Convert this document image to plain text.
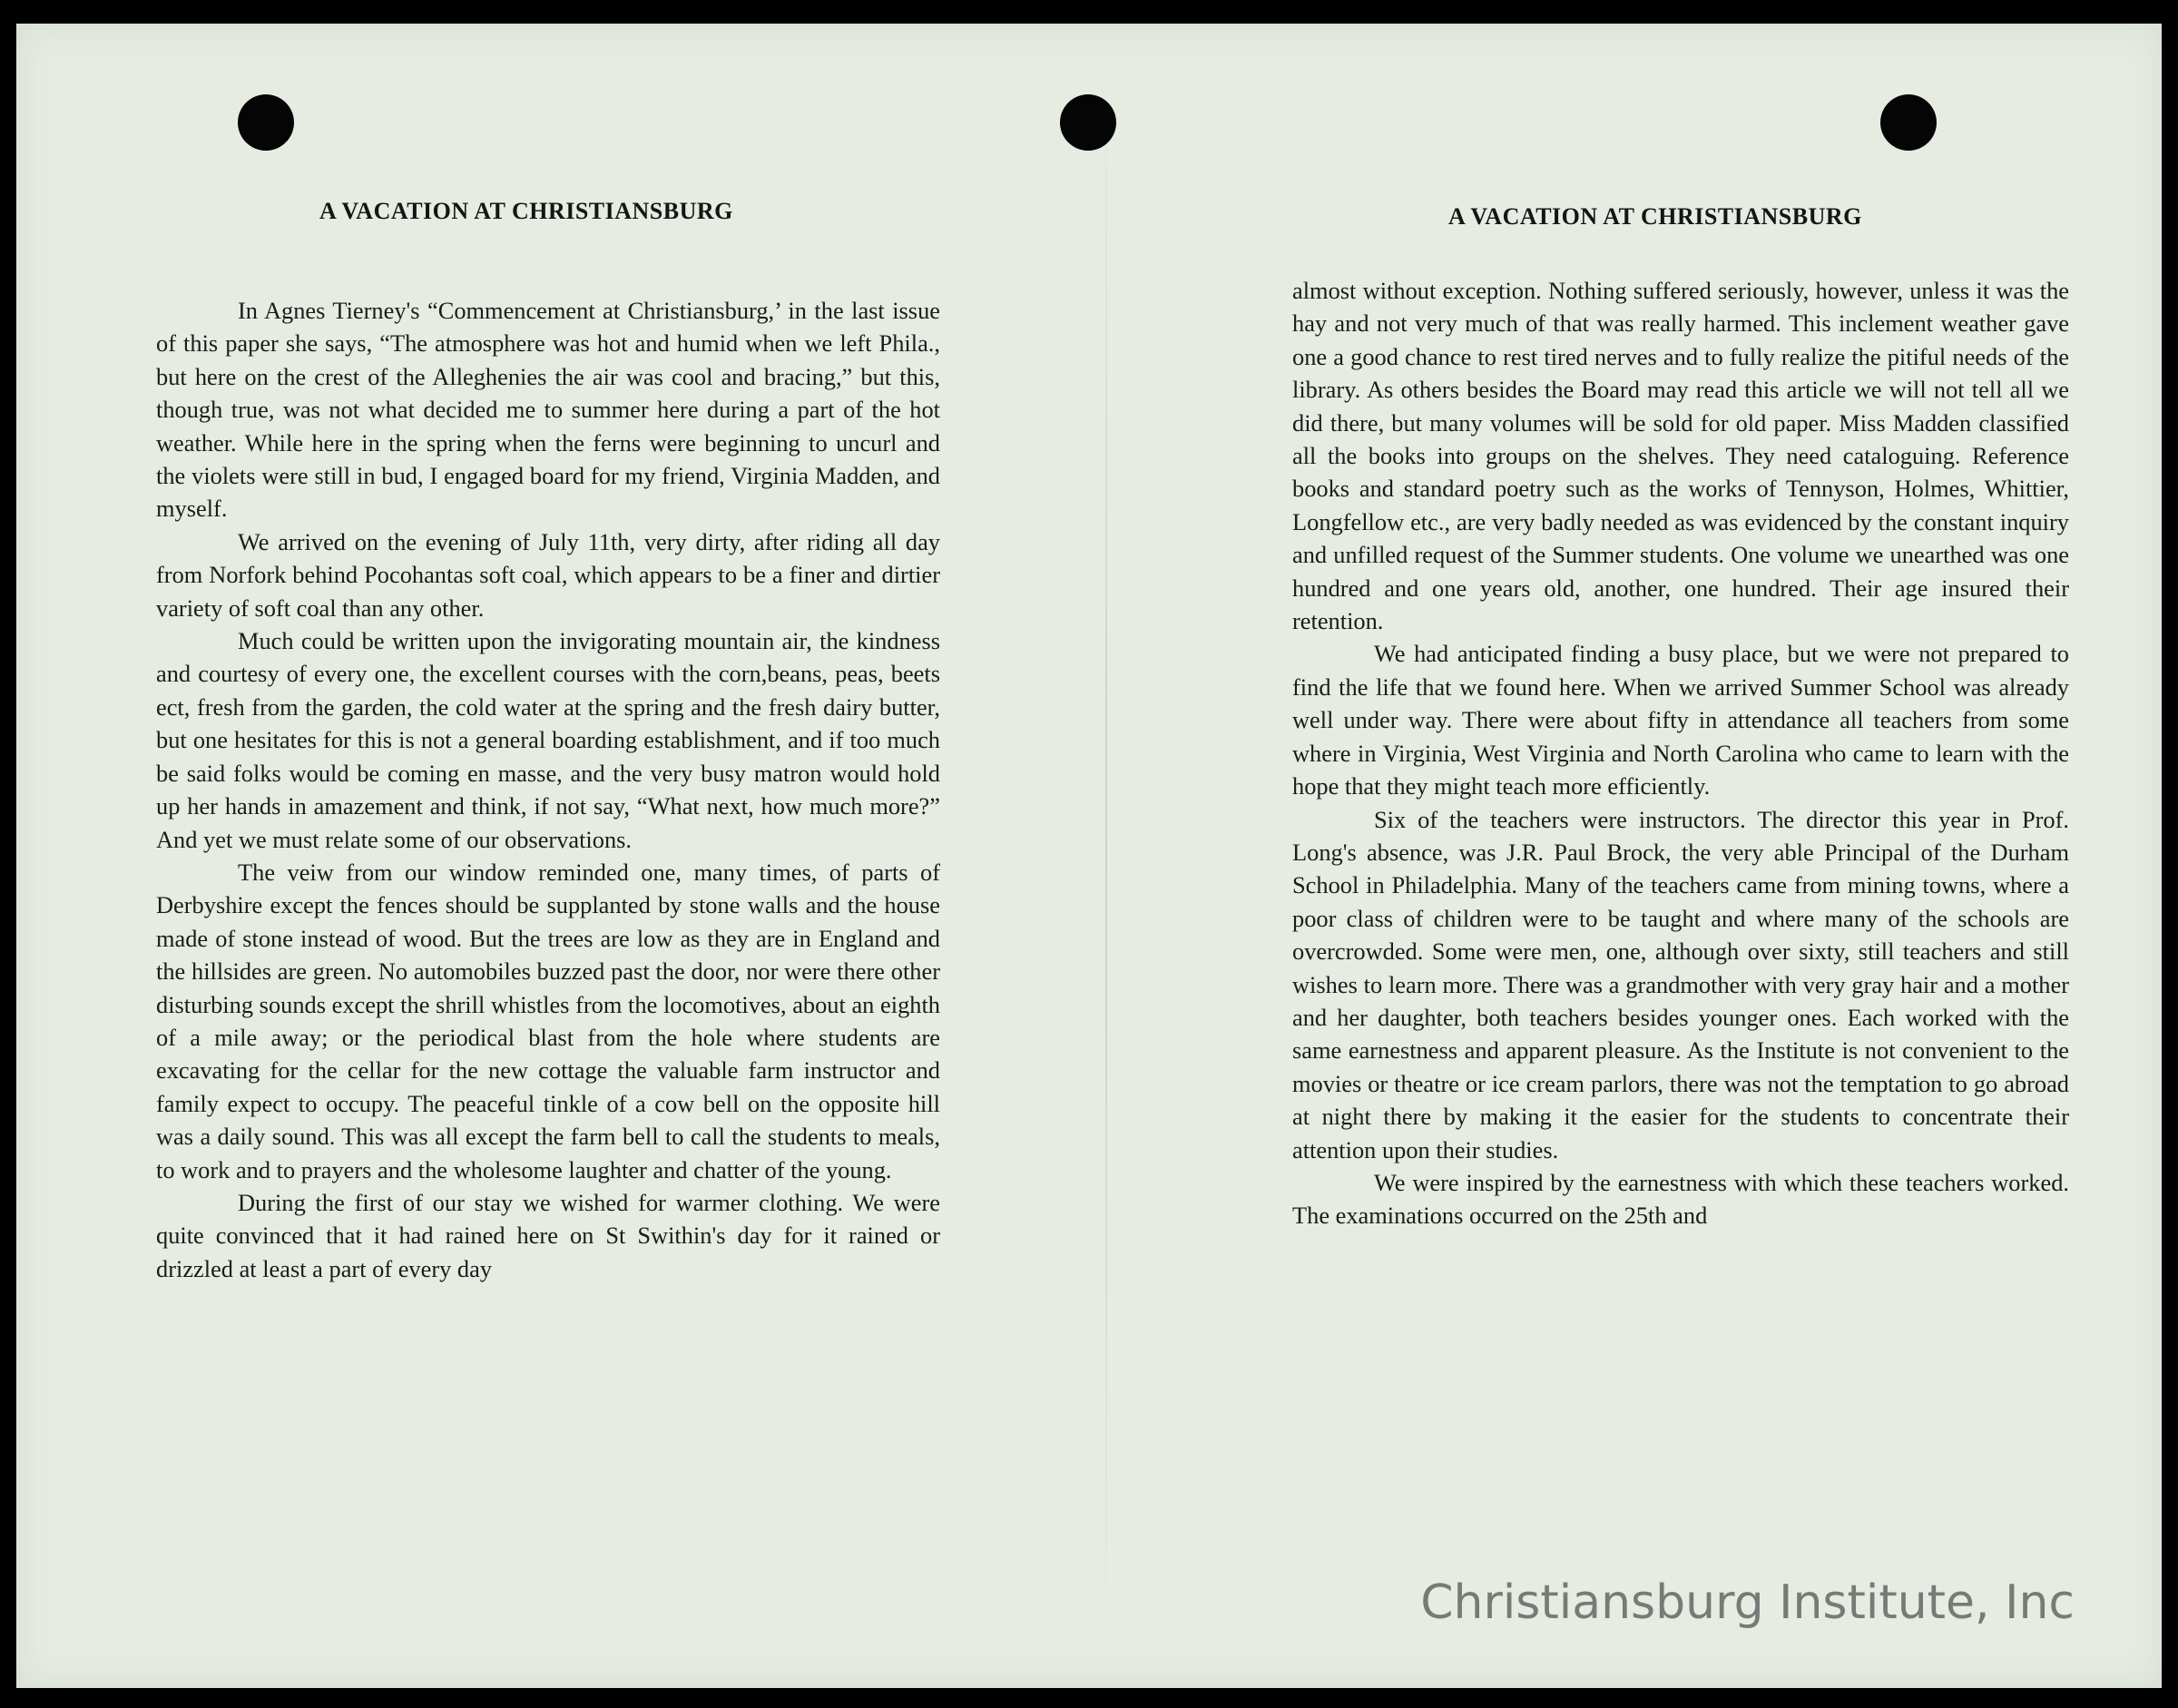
A VACATION AT CHRISTIANSBURG

In Agnes Tierney's “Commencement at Christiansburg,’ in the last issue of this paper she says, “The atmosphere was hot and humid when we left Phila., but here on the crest of the Alleghenies the air was cool and bracing,” but this, though true, was not what decided me to summer here during a part of the hot weather. While here in the spring when the ferns were beginning to uncurl and the violets were still in bud, I engaged board for my friend, Virginia Madden, and myself.

We arrived on the evening of July 11th, very dirty, after riding all day from Norfork behind Pocohantas soft coal, which appears to be a finer and dirtier variety of soft coal than any other.

Much could be written upon the invigorating mountain air, the kindness and courtesy of every one, the excellent courses with the corn,beans, peas, beets ect, fresh from the garden, the cold water at the spring and the fresh dairy butter, but one hesitates for this is not a general boarding establishment, and if too much be said folks would be coming en masse, and the very busy matron would hold up her hands in amazement and think, if not say, “What next, how much more?” And yet we must relate some of our observations.

The veiw from our window reminded one, many times, of parts of Derbyshire except the fences should be supplanted by stone walls and the house made of stone instead of wood. But the trees are low as they are in England and the hillsides are green. No automobiles buzzed past the door, nor were there other disturbing sounds except the shrill whistles from the locomotives, about an eighth of a mile away; or the periodical blast from the hole where students are excavating for the cellar for the new cottage the valuable farm instructor and family expect to occupy. The peaceful tinkle of a cow bell on the opposite hill was a daily sound. This was all except the farm bell to call the students to meals, to work and to prayers and the wholesome laughter and chatter of the young.

During the first of our stay we wished for warmer clothing. We were quite convinced that it had rained here on St Swithin's day for it rained or drizzled at least a part of every day

A VACATION AT CHRISTIANSBURG

almost without exception. Nothing suffered seriously, however, unless it was the hay and not very much of that was really harmed. This inclement weather gave one a good chance to rest tired nerves and to fully realize the pitiful needs of the library. As others besides the Board may read this article we will not tell all we did there, but many volumes will be sold for old paper. Miss Madden classified all the books into groups on the shelves. They need cataloguing. Reference books and standard poetry such as the works of Tennyson, Holmes, Whittier, Longfellow etc., are very badly needed as was evidenced by the constant inquiry and unfilled request of the Summer students. One volume we unearthed was one hundred and one years old, another, one hundred. Their age insured their retention.

We had anticipated finding a busy place, but we were not prepared to find the life that we found here. When we arrived Summer School was already well under way. There were about fifty in attendance all teachers from some where in Virginia, West Virginia and North Carolina who came to learn with the hope that they might teach more efficiently.

Six of the teachers were instructors. The director this year in Prof. Long's absence, was J.R. Paul Brock, the very able Principal of the Durham School in Philadelphia. Many of the teachers came from mining towns, where a poor class of children were to be taught and where many of the schools are overcrowded. Some were men, one, although over sixty, still teachers and still wishes to learn more. There was a grandmother with very gray hair and a mother and her daughter, both teachers besides younger ones. Each worked with the same earnestness and apparent pleasure. As the Institute is not convenient to the movies or theatre or ice cream parlors, there was not the temptation to go abroad at night there by making it the easier for the students to concentrate their attention upon their studies.

We were inspired by the earnestness with which these teachers worked. The examinations occurred on the 25th and

Christiansburg Institute, Inc
